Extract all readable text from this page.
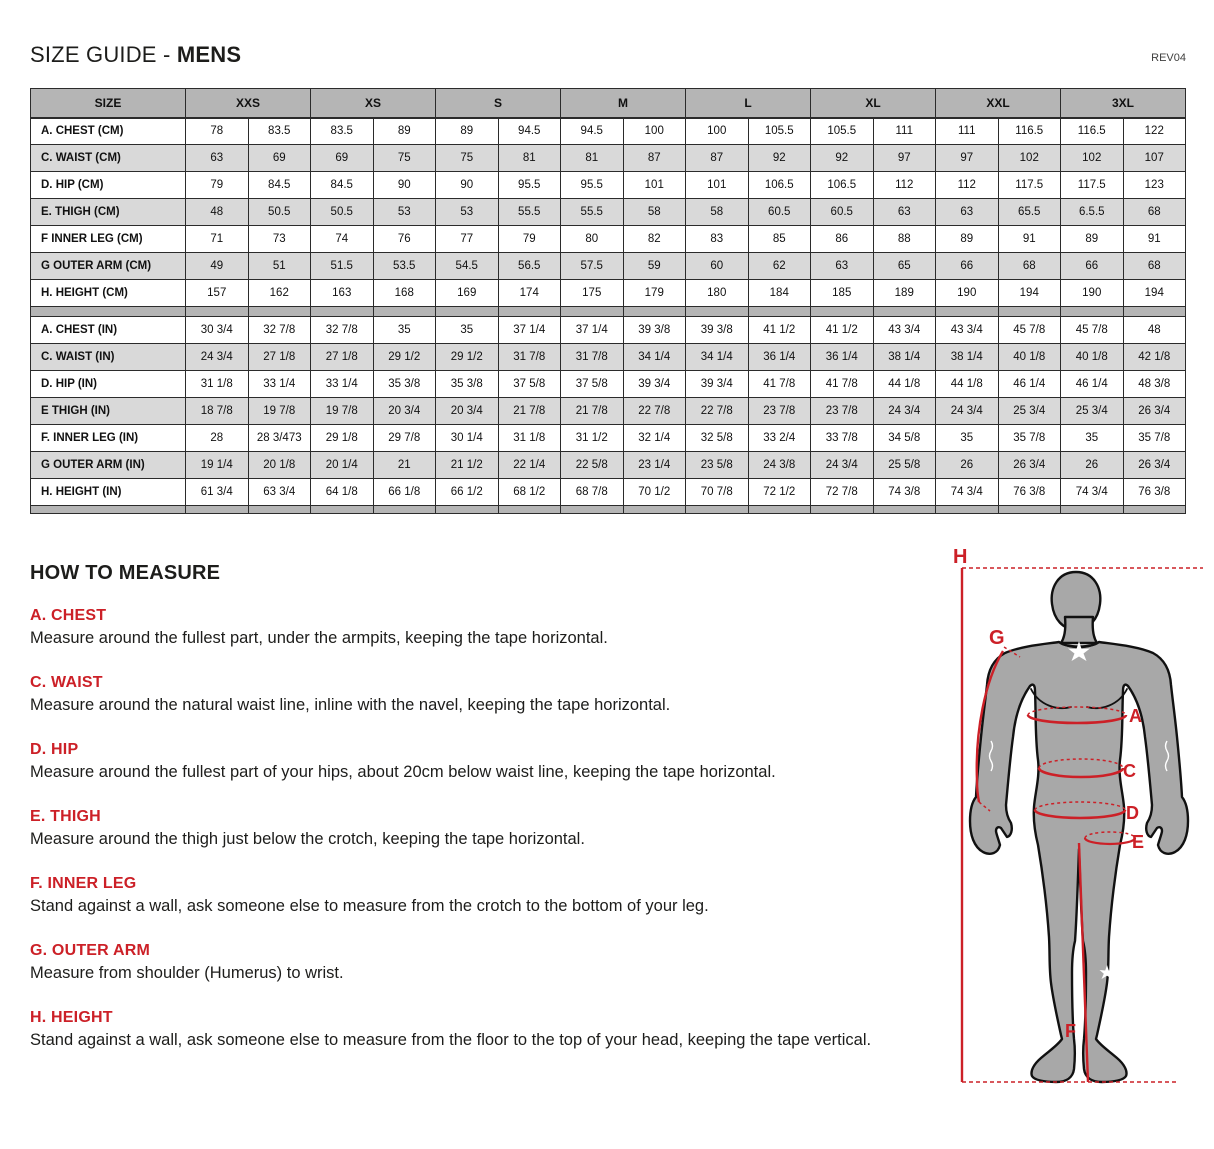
SIZE GUIDE - MENS	REV04
SIZE	XXS		XS		S		M		L		XL		XXL		3XL	
A. CHEST (CM)	78	83.5	83.5	89	89	94.5	94.5	100	100	105.5	105.5	111	111	116.5	116.5	122
C. WAIST (CM)	63	69	69	75	75	81	81	87	87	92	92	97	97	102	102	107
D. HIP (CM)	79	84.5	84.5	90	90	95.5	95.5	101	101	106.5	106.5	112	112	117.5	117.5	123
E. THIGH (CM)	48	50.5	50.5	53	53	55.5	55.5	58	58	60.5	60.5	63	63	65.5	6.5.5	68
F INNER LEG (CM)	71	73	74	76	77	79	80	82	83	85	86	88	89	91	89	91
G OUTER ARM (CM)	49	51	51.5	53.5	54.5	56.5	57.5	59	60	62	63	65	66	68	66	68
H. HEIGHT (CM)	157	162	163	168	169	174	175	179	180	184	185	189	190	194	190	194

A. CHEST (IN)	30 3/4	32 7/8	32 7/8	35	35	37 1/4	37 1/4	39 3/8	39 3/8	41 1/2	41 1/2	43 3/4	43 3/4	45 7/8	45 7/8	48
C. WAIST (IN)	24 3/4	27 1/8	27 1/8	29 1/2	29 1/2	31 7/8	31 7/8	34 1/4	34 1/4	36 1/4	36 1/4	38 1/4	38 1/4	40 1/8	40 1/8	42 1/8
D. HIP (IN)	31 1/8	33 1/4	33 1/4	35 3/8	35 3/8	37 5/8	37 5/8	39 3/4	39 3/4	41 7/8	41 7/8	44 1/8	44 1/8	46 1/4	46 1/4	48 3/8
E THIGH (IN)	18 7/8	19 7/8	19 7/8	20 3/4	20 3/4	21 7/8	21 7/8	22 7/8	22 7/8	23 7/8	23 7/8	24 3/4	24 3/4	25 3/4	25 3/4	26 3/4
F. INNER LEG (IN)	28	28 3/473	29 1/8	29 7/8	30 1/4	31 1/8	31 1/2	32 1/4	32 5/8	33 2/4	33 7/8	34 5/8	35	35 7/8	35	35 7/8
G OUTER ARM (IN)	19 1/4	20 1/8	20 1/4	21	21 1/2	22 1/4	22 5/8	23 1/4	23 5/8	24 3/8	24 3/4	25 5/8	26	26 3/4	26	26 3/4
H. HEIGHT (IN)	61 3/4	63 3/4	64 1/8	66 1/8	66 1/2	68 1/2	68 7/8	70 1/2	70 7/8	72 1/2	72 7/8	74 3/8	74 3/4	76 3/8	74 3/4	76 3/8

HOW TO MEASURE
A. CHEST
Measure around the fullest part, under the armpits, keeping the tape horizontal.
C. WAIST
Measure around the natural waist line, inline with the navel, keeping the tape horizontal.
D. HIP
Measure around the fullest part of your hips, about 20cm below waist line, keeping the tape horizontal.
E. THIGH
Measure around the thigh just below the crotch, keeping the tape horizontal.
F. INNER LEG
Stand against a wall, ask someone else to measure from the crotch to the bottom of your leg.
G. OUTER ARM
Measure from shoulder (Humerus) to wrist.
H. HEIGHT
Stand against a wall, ask someone else to measure from the floor to the top of your head, keeping the tape vertical.
H
G
A
C
D
E
F
